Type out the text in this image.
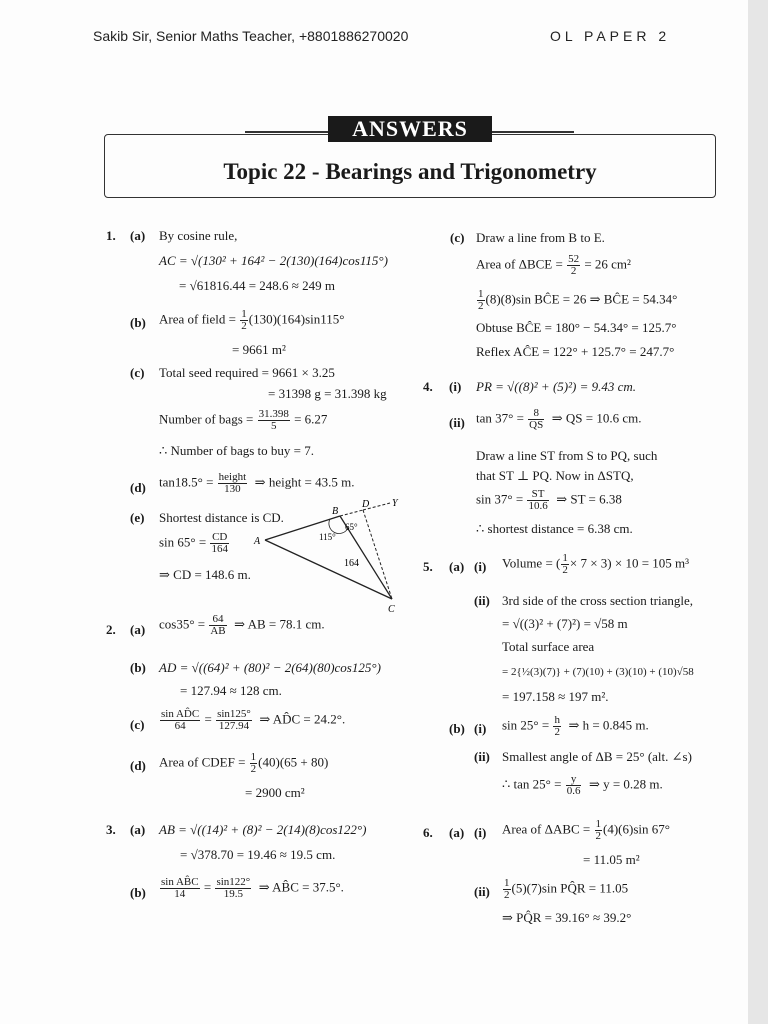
Sakib Sir, Senior Maths Teacher, +8801886270020	OL PAPER 2
Topic 22 - Bearings and Trigonometry
ANSWERS
1. (a) By cosine rule,
AC = √(130² + 164² − 2(130)(164)cos115°)
= √61816.44 = 248.6 ≈ 249 m
(b) Area of field = $\frac{1}{2} (130)(164)\sin 115^\circ$
= 9661 m²
(c) Total seed required = 9661 × 3.25
= 31398 g = 31.398 kg
Number of bags = $\frac{31.398}{5} = 6.27$
∴ Number of bags to buy = 7.
(d) tan18.5° = height
130	⇒ height = 43.5 m.
(e) Shortest distance is CD.
$\sin 65^\circ = \frac{CD}{164}$
⇒ CD = 148.6 m.
A
B
C
D Y
115°
65°
164
(c) Draw a line from B to E.
Area of $\Delta BCE = \frac{52}{2} = 26$ cm²
$\frac{1}{2} (8)(8)\sin$ BĈE = 26 ⇒ BĈE = 54.34°
Obtuse BĈE = 180° − 54.34° = 125.7°
Reflex AĈE = 122° + 125.7° = 247.7°
4. (i) PR = √((8)² + (5)²) = 9.43 cm.
(ii) $\tan 37^\circ = \frac{8}{QS}$ ⇒ QS = 10.6 cm.
Draw a line ST from S to PQ, such
that ST ⊥ PQ. Now in ΔSTQ,
$\sin 37^\circ = \frac{ST}{10.6}$ ⇒ ST = 6.38
∴ shortest distance = 6.38 cm.
5. (a) (i) Volume = ( $\frac{1}{2} \times 7 \times 3) \times 10 = 105$ m³
(ii) 3rd side of the cross section triangle,
= √((3)² + (7)²) = √58 m
Total surface area
= 2{½(3)(7)} + (7)(10) + (3)(10) + (10)√58
= 197.158 ≈ 197 m².
(b) (i) $\sin 25^\circ = \frac{h}{2}$ ⇒ h = 0.845 m.
(ii) Smallest angle of ΔB = 25° (alt. ∠s)
∴ $\tan 25^\circ = \frac{y}{0.6}$ ⇒ y = 0.28 m.
2. (a) $\cos 35^\circ = \frac{64}{AB}$ ⇒ AB = 78.1 cm.
(b) AD = √((64)² + (80)² − 2(64)(80)cos125°)
= 127.94 ≈ 128 cm.
$(c) \frac{\text{sin AD̂C}}{64} = \frac{\sin 125^\circ}{127.94}$ ⇒ AD̂C = 24.2°.
(d) Area of CDEF = $\frac{1}{2} (40)(65 + 80)$
= 2900 cm²
3. (a) AB = √((14)² + (8)² − 2(14)(8)cos122°)
= √378.70 = 19.46 ≈ 19.5 cm.
$(b) \frac{\text{sin AB̂C}}{14} = \frac{\sin 122^\circ}{19.5}$ ⇒ AB̂C = 37.5°.
6. (a) (i) Area of $\Delta ABC = \frac{1}{2} (4)(6)\sin$ 67°
= 11.05 m²
$(ii) \frac{1}{2} (5)(7)\sin$ PQ̂R = 11.05
⇒ PQ̂R = 39.16° ≈ 39.2°
